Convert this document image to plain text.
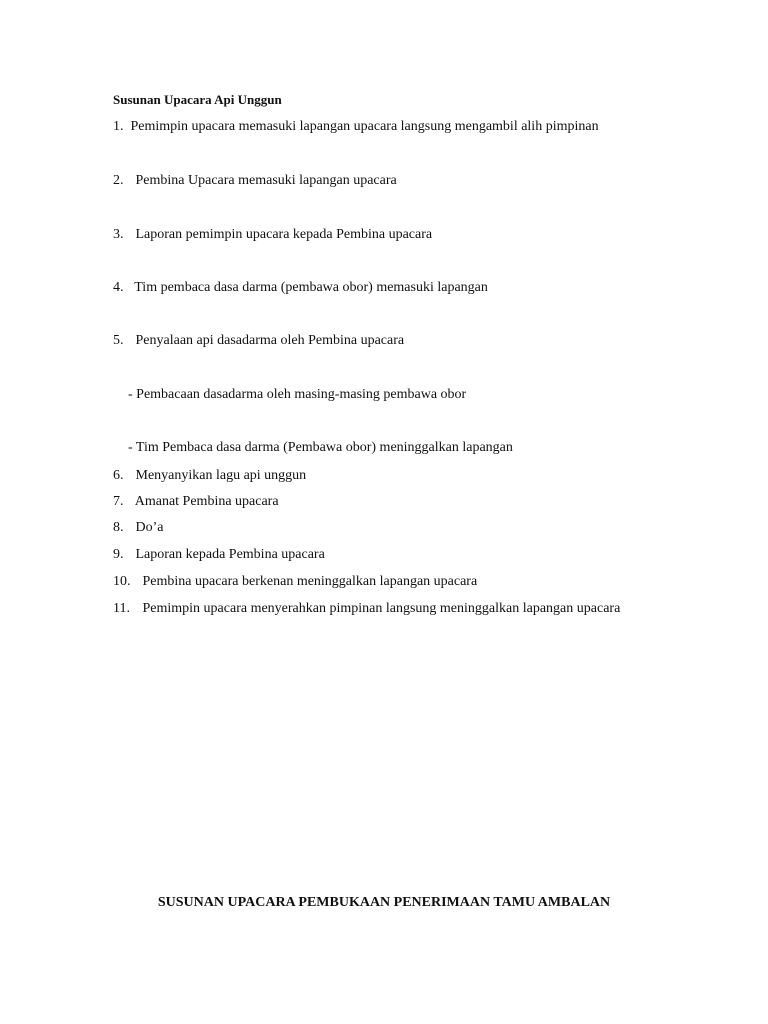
Susunan Upacara Api Unggun
1. Pemimpin upacara memasuki lapangan upacara langsung mengambil alih pimpinan
2. Pembina Upacara memasuki lapangan upacara
3. Laporan pemimpin upacara kepada Pembina upacara
4. Tim pembaca dasa darma (pembawa obor) memasuki lapangan
5. Penyalaan api dasadarma oleh Pembina upacara
- Pembacaan dasadarma oleh masing-masing pembawa obor
- Tim Pembaca dasa darma (Pembawa obor) meninggalkan lapangan
6. Menyanyikan lagu api unggun
7. Amanat Pembina upacara
8. Do’a
9. Laporan kepada Pembina upacara
10. Pembina upacara berkenan meninggalkan lapangan upacara
11. Pemimpin upacara menyerahkan pimpinan langsung meninggalkan lapangan upacara
SUSUNAN UPACARA PEMBUKAAN PENERIMAAN TAMU AMBALAN
